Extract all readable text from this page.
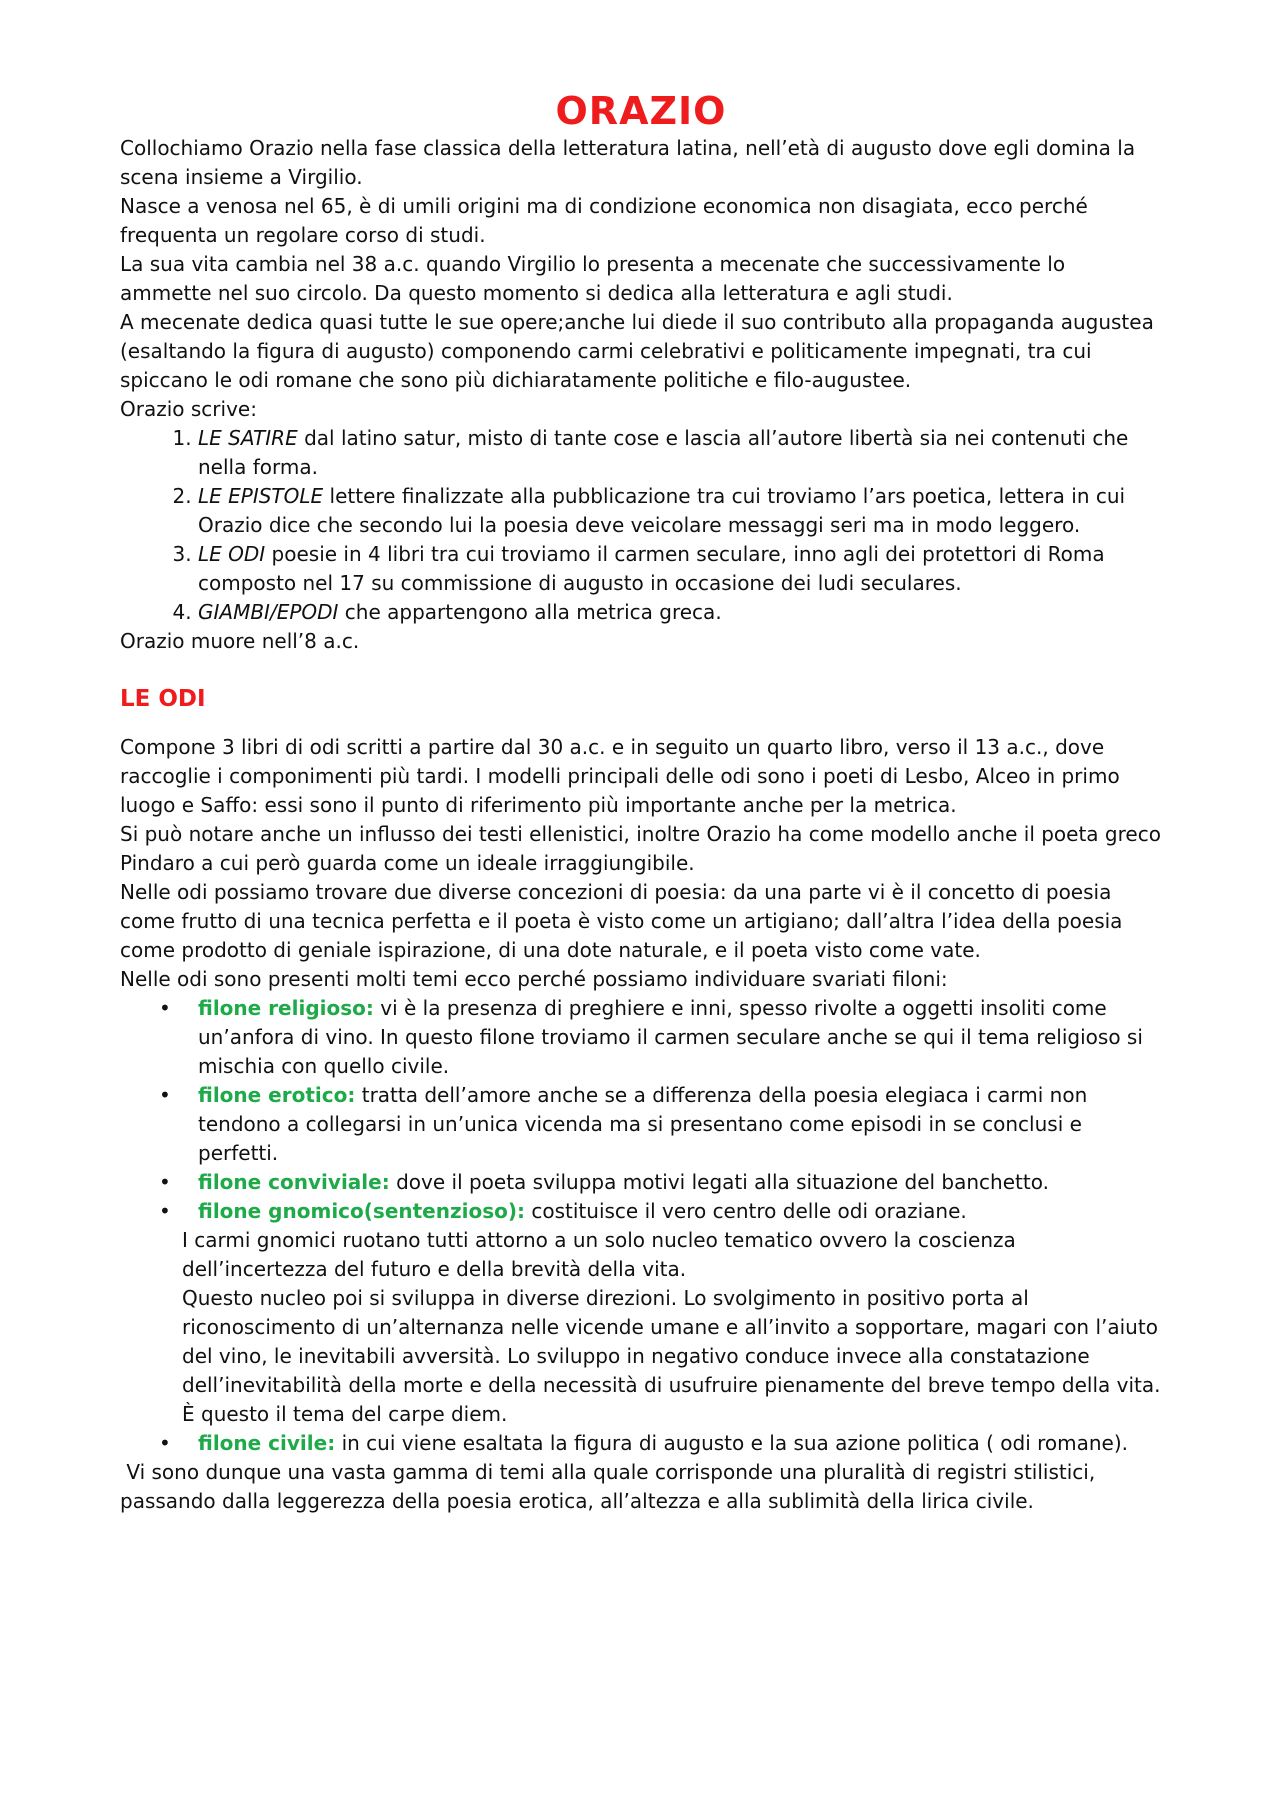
ORAZIO

Collochiamo Orazio nella fase classica della letteratura latina, nell’età di augusto dove egli domina la scena insieme a Virgilio.

Nasce a venosa nel 65, è di umili origini ma di condizione economica non disagiata, ecco perché frequenta un regolare corso di studi.

La sua vita cambia nel 38 a.c. quando Virgilio lo presenta a mecenate che successivamente lo ammette nel suo circolo. Da questo momento si dedica alla letteratura e agli studi.

A mecenate dedica quasi tutte le sue opere;anche lui diede il suo contributo alla propaganda augustea (esaltando la figura di augusto) componendo carmi celebrativi e politicamente impegnati, tra cui spiccano le odi romane che sono più dichiaratamente politiche e filo-augustee.

Orazio scrive:

1. LE SATIRE dal latino satur, misto di tante cose e lascia all’autore libertà sia nei contenuti che nella forma.
2. LE EPISTOLE lettere finalizzate alla pubblicazione tra cui troviamo l’ars poetica, lettera in cui Orazio dice che secondo lui la poesia deve veicolare messaggi seri ma in modo leggero.
3. LE ODI poesie in 4 libri tra cui troviamo il carmen seculare, inno agli dei protettori di Roma composto nel 17 su commissione di augusto in occasione dei ludi seculares.
4. GIAMBI/EPODI che appartengono alla metrica greca.

Orazio muore nell’8 a.c.

LE ODI

Compone 3 libri di odi scritti a partire dal 30 a.c. e in seguito un quarto libro, verso il 13 a.c., dove raccoglie i componimenti più tardi. I modelli principali delle odi sono i poeti di Lesbo, Alceo in primo luogo e Saffo: essi sono il punto di riferimento più importante anche per la metrica.

Si può notare anche un influsso dei testi ellenistici, inoltre Orazio ha come modello anche il poeta greco Pindaro a cui però guarda come un ideale irraggiungibile.

Nelle odi possiamo trovare due diverse concezioni di poesia: da una parte vi è il concetto di poesia come frutto di una tecnica perfetta e il poeta è visto come un artigiano; dall’altra l’idea della poesia come prodotto di geniale ispirazione, di una dote naturale, e il poeta visto come vate.

Nelle odi sono presenti molti temi ecco perché possiamo individuare svariati filoni:

• filone religioso: vi è la presenza di preghiere e inni, spesso rivolte a oggetti insoliti come un’anfora di vino. In questo filone troviamo il carmen seculare anche se qui il tema religioso si mischia con quello civile.
• filone erotico: tratta dell’amore anche se a differenza della poesia elegiaca i carmi non tendono a collegarsi in un’unica vicenda ma si presentano come episodi in se conclusi e perfetti.
• filone conviviale: dove il poeta sviluppa motivi legati alla situazione del banchetto.
• filone gnomico(sentenzioso): costituisce il vero centro delle odi oraziane.

I carmi gnomici ruotano tutti attorno a un solo nucleo tematico ovvero la coscienza dell’incertezza del futuro e della brevità della vita.

Questo nucleo poi si sviluppa in diverse direzioni. Lo svolgimento in positivo porta al riconoscimento di un’alternanza nelle vicende umane e all’invito a sopportare, magari con l’aiuto del vino, le inevitabili avversità. Lo sviluppo in negativo conduce invece alla constatazione dell’inevitabilità della morte e della necessità di usufruire pienamente del breve tempo della vita. È questo il tema del carpe diem.

• filone civile: in cui viene esaltata la figura di augusto e la sua azione politica ( odi romane).

Vi sono dunque una vasta gamma di temi alla quale corrisponde una pluralità di registri stilistici, passando dalla leggerezza della poesia erotica, all’altezza e alla sublimità della lirica civile.
